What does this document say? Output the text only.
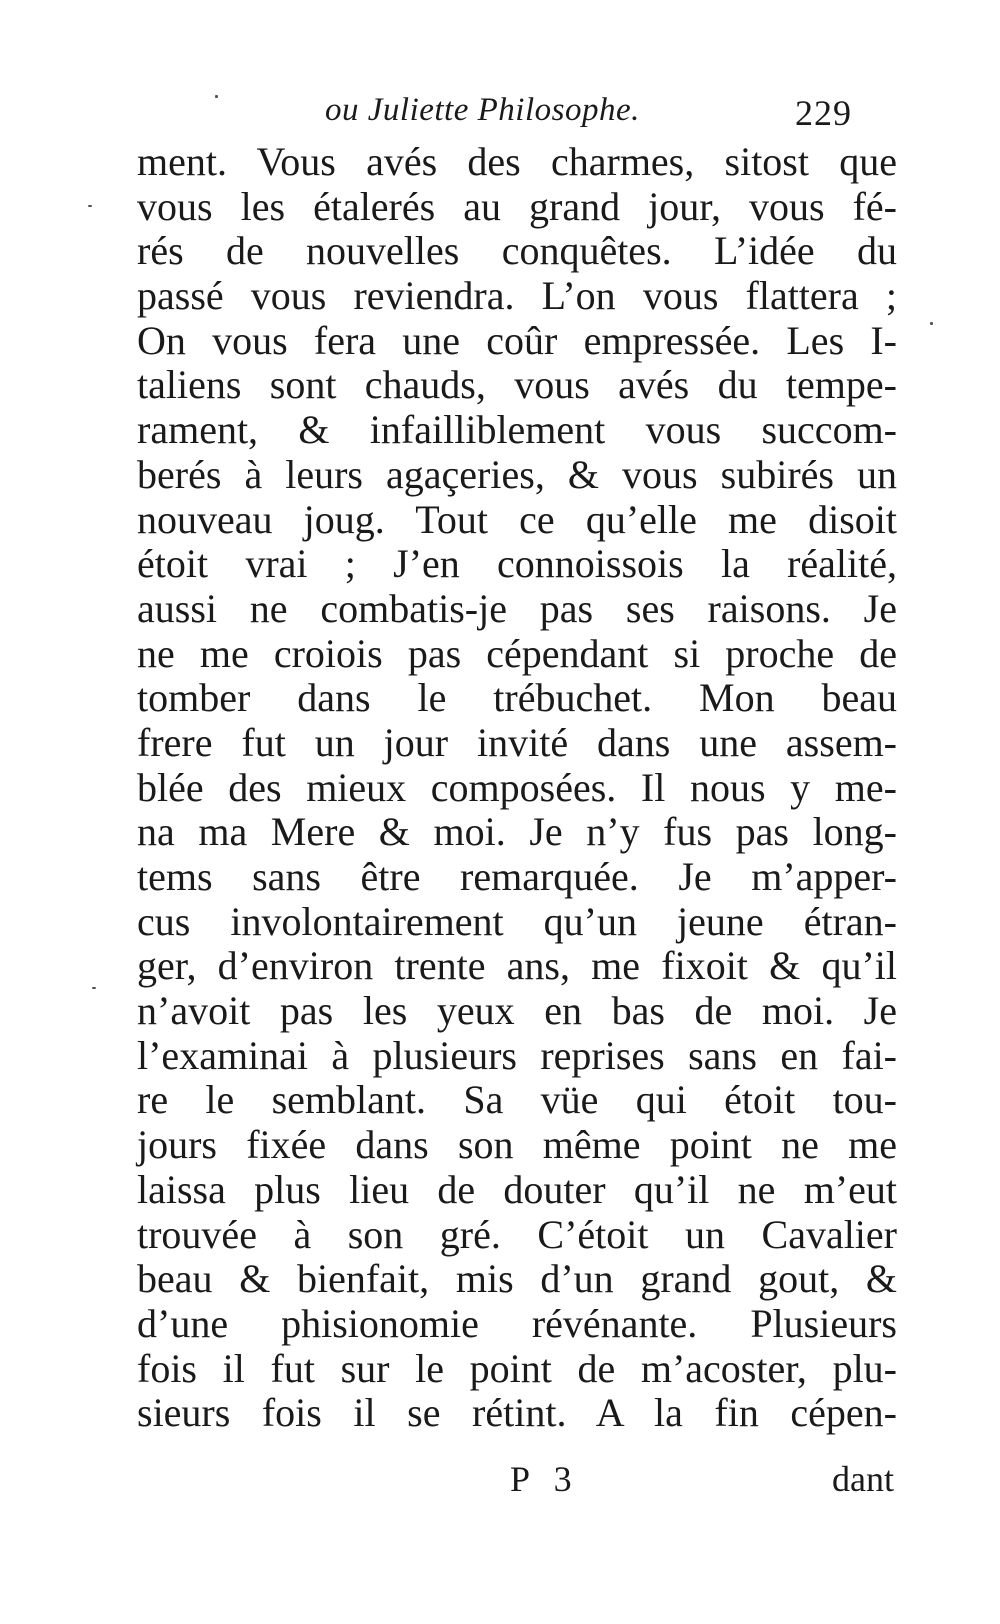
ou Juliette Philosophe.	229
ment. Vous avés des charmes, sitost que
vous les étalerés au grand jour, vous fé-
rés de nouvelles conquêtes. L’idée du
passé vous reviendra. L’on vous flattera ;
On vous fera une coûr empressée. Les I-
taliens sont chauds, vous avés du tempe-
rament, & infailliblement vous succom-
berés à leurs agaçeries, & vous subirés un
nouveau joug. Tout ce qu’elle me disoit
étoit vrai ; J’en connoissois la réalité,
aussi ne combatis-je pas ses raisons. Je
ne me croiois pas cépendant si proche de
tomber dans le trébuchet. Mon beau
frere fut un jour invité dans une assem-
blée des mieux composées. Il nous y me-
na ma Mere & moi. Je n’y fus pas long-
tems sans être remarquée. Je m’apper-
cus involontairement qu’un jeune étran-
ger, d’environ trente ans, me fixoit & qu’il
n’avoit pas les yeux en bas de moi. Je
l’examinai à plusieurs reprises sans en fai-
re le semblant. Sa vüe qui étoit tou-
jours fixée dans son même point ne me
laissa plus lieu de douter qu’il ne m’eut
trouvée à son gré. C’étoit un Cavalier
beau & bienfait, mis d’un grand gout, &
d’une phisionomie révénante. Plusieurs
fois il fut sur le point de m’acoster, plu-
sieurs fois il se rétint. A la fin cépen-
P 3	dant
